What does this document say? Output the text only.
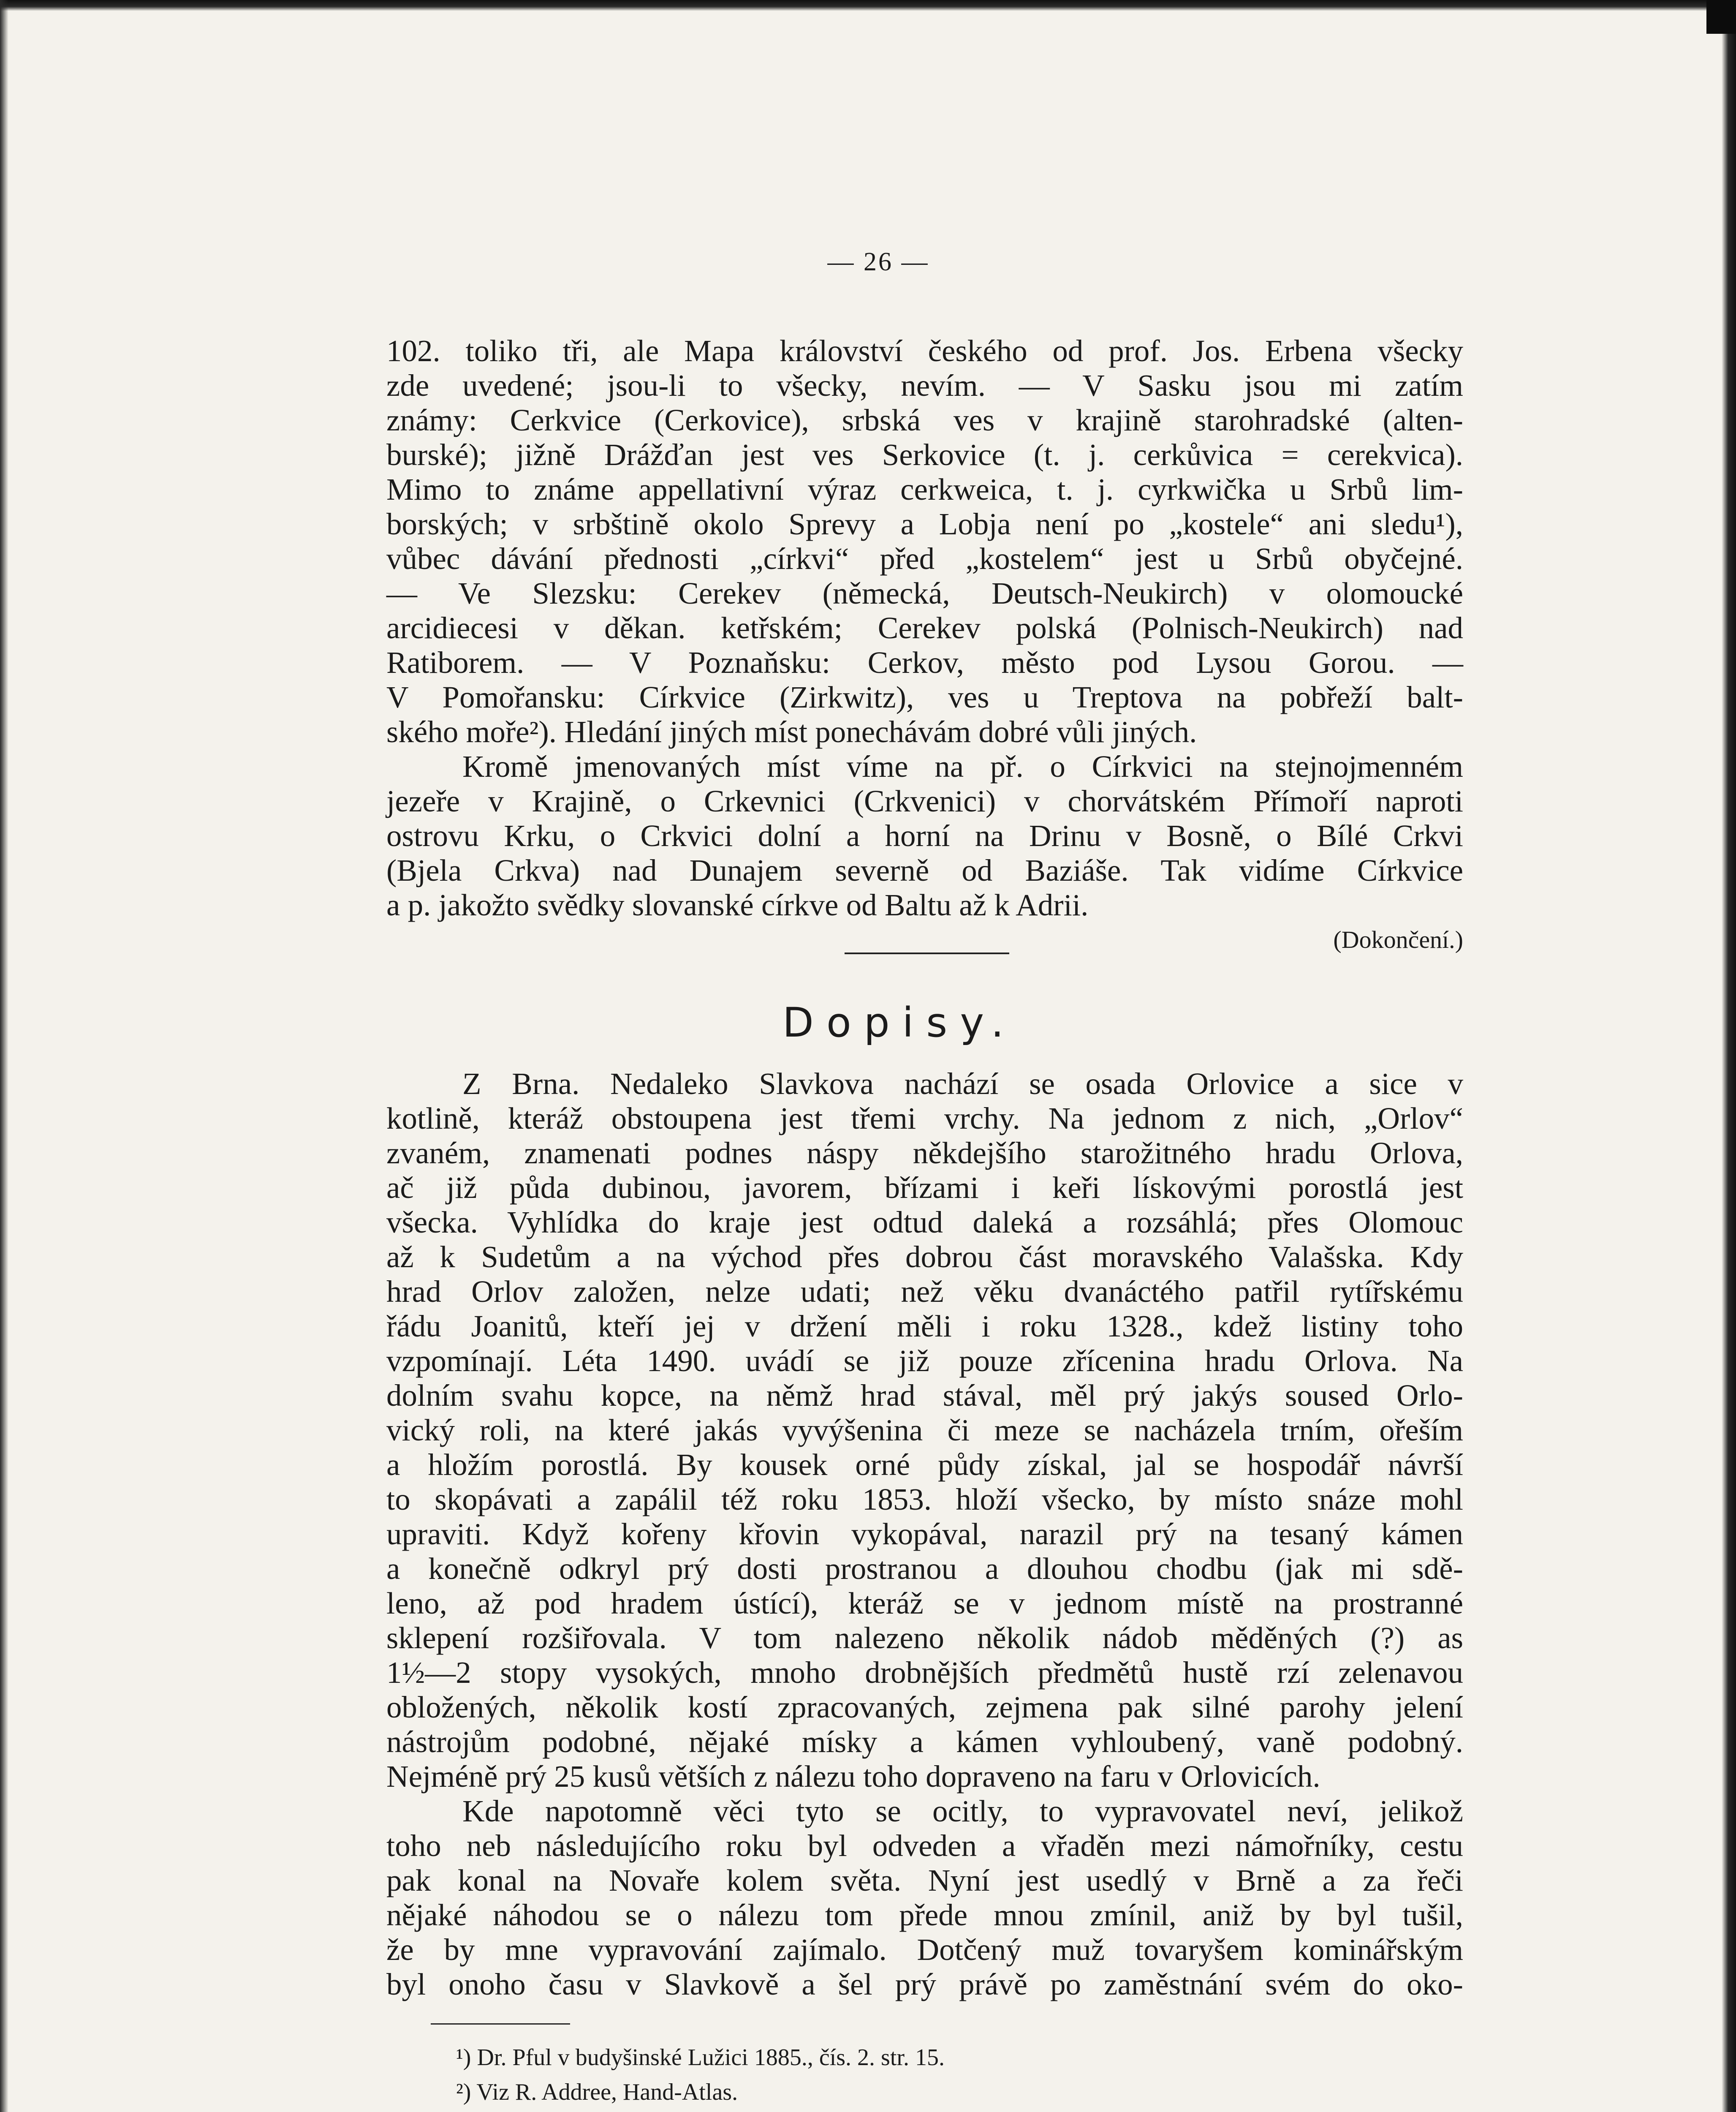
— 26 —
102. toliko tři, ale Mapa království českého od prof. Jos. Erbena všecky
zde uvedené; jsou-li to všecky, nevím. — V Sasku jsou mi zatím
známy: Cerkvice (Cerkovice), srbská ves v krajině starohradské (alten-
burské); jižně Drážďan jest ves Serkovice (t. j. cerkůvica = cerekvica).
Mimo to známe appellativní výraz cerkweica, t. j. cyrkwička u Srbů lim-
borských; v srbštině okolo Sprevy a Lobja není po „kostele“ ani sledu¹),
vůbec dávání přednosti „církvi“ před „kostelem“ jest u Srbů obyčejné.
— Ve Slezsku: Cerekev (německá, Deutsch-Neukirch) v olomoucké
arcidiecesi v děkan. ketřském; Cerekev polská (Polnisch-Neukirch) nad
Ratiborem. — V Poznaňsku: Cerkov, město pod Lysou Gorou. —
V Pomořansku: Církvice (Zirkwitz), ves u Treptova na pobřeží balt-
ského moře²). Hledání jiných míst ponechávám dobré vůli jiných.
Kromě jmenovaných míst víme na př. o Církvici na stejnojmenném
jezeře v Krajině, o Crkevnici (Crkvenici) v chorvátském Přímoří naproti
ostrovu Krku, o Crkvici dolní a horní na Drinu v Bosně, o Bílé Crkvi
(Bjela Crkva) nad Dunajem severně od Baziáše. Tak vidíme Církvice
a p. jakožto svědky slovanské církve od Baltu až k Adrii.
(Dokončení.)
Dopisy.
Z Brna. Nedaleko Slavkova nachází se osada Orlovice a sice v
kotlině, kteráž obstoupena jest třemi vrchy. Na jednom z nich, „Orlov“
zvaném, znamenati podnes náspy někdejšího starožitného hradu Orlova,
ač již půda dubinou, javorem, břízami i keři lískovými porostlá jest
všecka. Vyhlídka do kraje jest odtud daleká a rozsáhlá; přes Olomouc
až k Sudetům a na východ přes dobrou část moravského Valašska. Kdy
hrad Orlov založen, nelze udati; než věku dvanáctého patřil rytířskému
řádu Joanitů, kteří jej v držení měli i roku 1328., kdež listiny toho
vzpomínají. Léta 1490. uvádí se již pouze zřícenina hradu Orlova. Na
dolním svahu kopce, na němž hrad stával, měl prý jakýs soused Orlo-
vický roli, na které jakás vyvýšenina či meze se nacházela trním, ořeším
a hložím porostlá. By kousek orné půdy získal, jal se hospodář návrší
to skopávati a zapálil též roku 1853. hloží všecko, by místo snáze mohl
upraviti. Když kořeny křovin vykopával, narazil prý na tesaný kámen
a konečně odkryl prý dosti prostranou a dlouhou chodbu (jak mi sdě-
leno, až pod hradem ústící), kteráž se v jednom místě na prostranné
sklepení rozšiřovala. V tom nalezeno několik nádob měděných (?) as
1½—2 stopy vysokých, mnoho drobnějších předmětů hustě rzí zelenavou
obložených, několik kostí zpracovaných, zejmena pak silné parohy jelení
nástrojům podobné, nějaké mísky a kámen vyhloubený, vaně podobný.
Nejméně prý 25 kusů větších z nálezu toho dopraveno na faru v Orlovicích.
Kde napotomně věci tyto se ocitly, to vypravovatel neví, jelikož
toho neb následujícího roku byl odveden a vřaděn mezi námořníky, cestu
pak konal na Novaře kolem světa. Nyní jest usedlý v Brně a za řeči
nějaké náhodou se o nálezu tom přede mnou zmínil, aniž by byl tušil,
že by mne vypravování zajímalo. Dotčený muž tovaryšem kominářským
byl onoho času v Slavkově a šel prý právě po zaměstnání svém do oko-
¹) Dr. Pful v budyšinské Lužici 1885., čís. 2. str. 15.
²) Viz R. Addree, Hand-Atlas.
